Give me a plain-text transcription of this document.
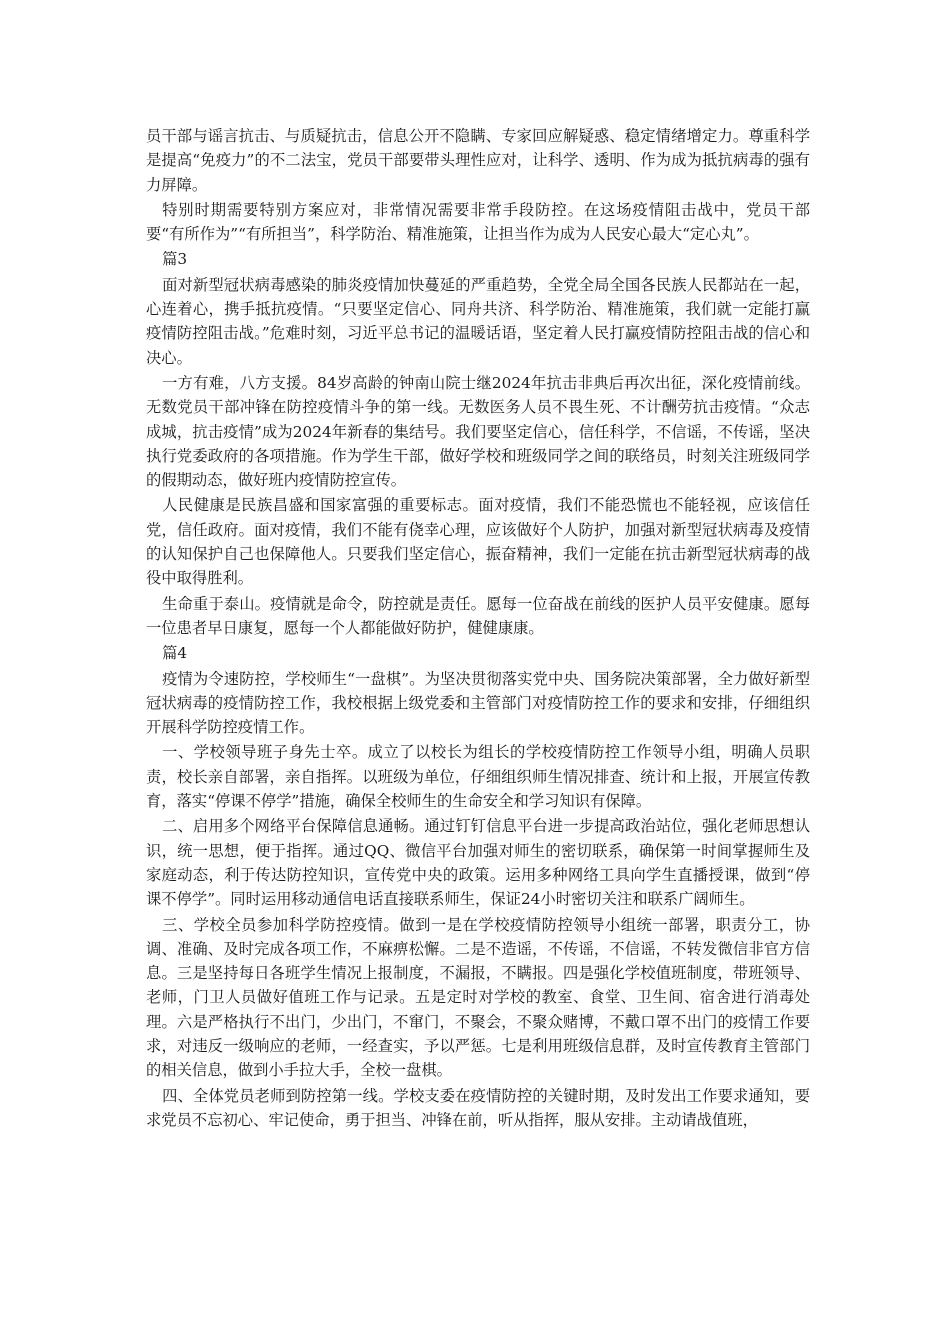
员干部与谣言抗击、与质疑抗击，信息公开不隐瞒、专家回应解疑惑、稳定情绪增定力。尊重科学是提高“免疫力”的不二法宝，党员干部要带头理性应对，让科学、透明、作为成为抵抗病毒的强有力屏障。

特别时期需要特别方案应对，非常情况需要非常手段防控。在这场疫情阻击战中，党员干部要“有所作为”“有所担当”，科学防治、精准施策，让担当作为成为人民安心最大“定心丸”。

篇3

面对新型冠状病毒感染的肺炎疫情加快蔓延的严重趋势，全党全局全国各民族人民都站在一起，心连着心，携手抵抗疫情。“只要坚定信心、同舟共济、科学防治、精准施策，我们就一定能打赢疫情防控阻击战。”危难时刻，习近平总书记的温暖话语，坚定着人民打赢疫情防控阻击战的信心和决心。

一方有难，八方支援。84岁高龄的钟南山院士继2024年抗击非典后再次出征，深化疫情前线。无数党员干部冲锋在防控疫情斗争的第一线。无数医务人员不畏生死、不计酬劳抗击疫情。“众志成城，抗击疫情”成为2024年新春的集结号。我们要坚定信心，信任科学，不信谣，不传谣，坚决执行党委政府的各项措施。作为学生干部，做好学校和班级同学之间的联络员，时刻关注班级同学的假期动态，做好班内疫情防控宣传。

人民健康是民族昌盛和国家富强的重要标志。面对疫情，我们不能恐慌也不能轻视，应该信任党，信任政府。面对疫情，我们不能有侥幸心理，应该做好个人防护，加强对新型冠状病毒及疫情的认知保护自己也保障他人。只要我们坚定信心，振奋精神，我们一定能在抗击新型冠状病毒的战役中取得胜利。

生命重于泰山。疫情就是命令，防控就是责任。愿每一位奋战在前线的医护人员平安健康。愿每一位患者早日康复，愿每一个人都能做好防护，健健康康。

篇4

疫情为令速防控，学校师生“一盘棋”。为坚决贯彻落实党中央、国务院决策部署，全力做好新型冠状病毒的疫情防控工作，我校根据上级党委和主管部门对疫情防控工作的要求和安排，仔细组织开展科学防控疫情工作。

一、学校领导班子身先士卒。成立了以校长为组长的学校疫情防控工作领导小组，明确人员职责，校长亲自部署，亲自指挥。以班级为单位，仔细组织师生情况排查、统计和上报，开展宣传教育，落实“停课不停学”措施，确保全校师生的生命安全和学习知识有保障。

二、启用多个网络平台保障信息通畅。通过钉钉信息平台进一步提高政治站位，强化老师思想认识，统一思想，便于指挥。通过QQ、微信平台加强对师生的密切联系，确保第一时间掌握师生及家庭动态，利于传达防控知识，宣传党中央的政策。运用多种网络工具向学生直播授课，做到“停课不停学”。同时运用移动通信电话直接联系师生，保证24小时密切关注和联系广阔师生。

三、学校全员参加科学防控疫情。做到一是在学校疫情防控领导小组统一部署，职责分工，协调、准确、及时完成各项工作，不麻痹松懈。二是不造谣，不传谣，不信谣，不转发微信非官方信息。三是坚持每日各班学生情况上报制度，不漏报，不瞒报。四是强化学校值班制度，带班领导、老师，门卫人员做好值班工作与记录。五是定时对学校的教室、食堂、卫生间、宿舍进行消毒处理。六是严格执行不出门，少出门，不窜门，不聚会，不聚众赌博，不戴口罩不出门的疫情工作要求，对违反一级响应的老师，一经查实，予以严惩。七是利用班级信息群，及时宣传教育主管部门的相关信息，做到小手拉大手，全校一盘棋。

四、全体党员老师到防控第一线。学校支委在疫情防控的关键时期，及时发出工作要求通知，要求党员不忘初心、牢记使命，勇于担当、冲锋在前，听从指挥，服从安排。主动请战值班，
